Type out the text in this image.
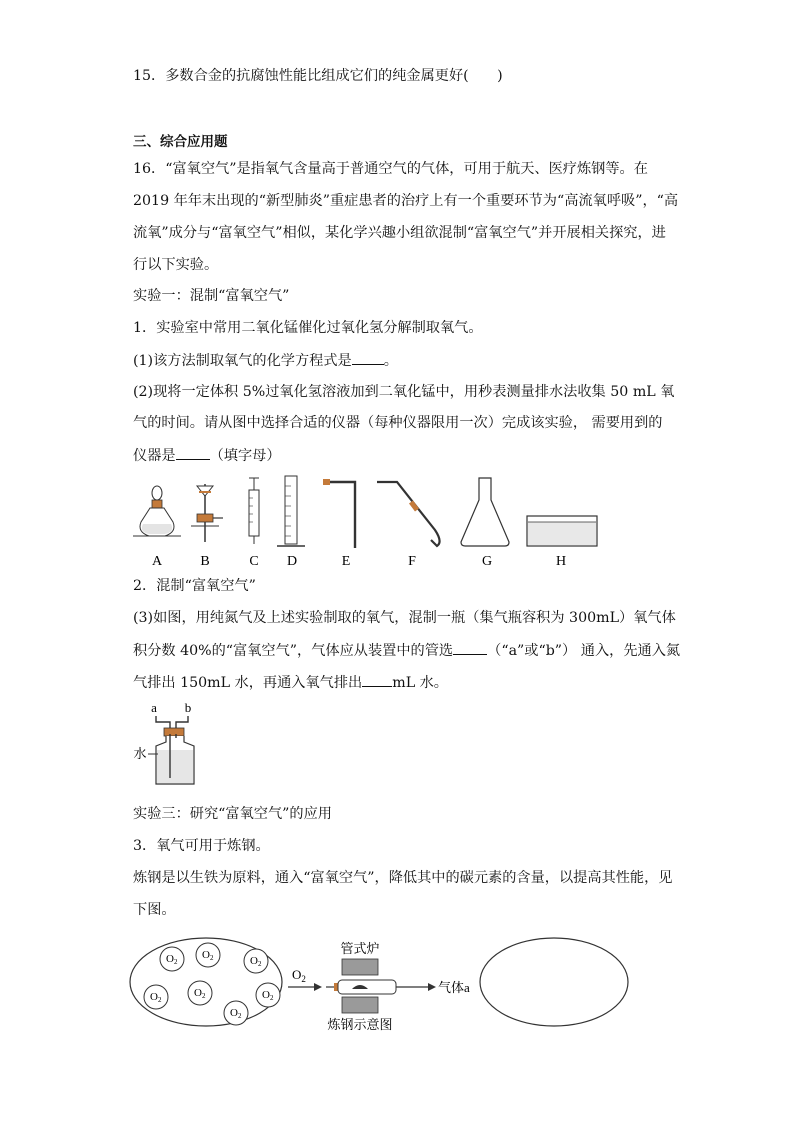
15．多数合金的抗腐蚀性能比组成它们的纯金属更好(　　)
三、综合应用题
16．“富氧空气”是指氧气含量高于普通空气的气体，可用于航天、医疗炼钢等。在
2019 年年末出现的“新型肺炎”重症患者的治疗上有一个重要环节为“高流氧呼吸”，“高
流氧”成分与“富氧空气”相似，某化学兴趣小组欲混制“富氧空气”并开展相关探究，进
行以下实验。
实验一：混制“富氧空气”
1．实验室中常用二氧化锰催化过氧化氢分解制取氧气。
(1)该方法制取氧气的化学方程式是 。
(2)现将一定体积 5%过氧化氢溶液加到二氧化锰中，用秒表测量排水法收集 50 mL 氧
气的时间。请从图中选择合适的仪器（每种仪器限用一次）完成该实验， 需要用到的
仪器是 （填字母）
A	B	C D	E	F	G	H
2．混制“富氧空气”
(3)如图，用纯氮气及上述实验制取的氧气，混制一瓶（集气瓶容积为 300mL）氧气体
积分数 40%的“富氧空气”，气体应从装置中的管选 （“a”或“b”） 通入，先通入氮
气排出 150mL 水，再通入氧气排出 mL 水。
a b
水
实验三：研究“富氧空气”的应用
3．氧气可用于炼钢。
炼钢是以生铁为原料，通入“富氧空气”，降低其中的碳元素的含量，以提高其性能，见
下图。
O2
O2	O2
O2
O2	O2
O2
$O_2$
管式炉
气体a
炼钢示意图
